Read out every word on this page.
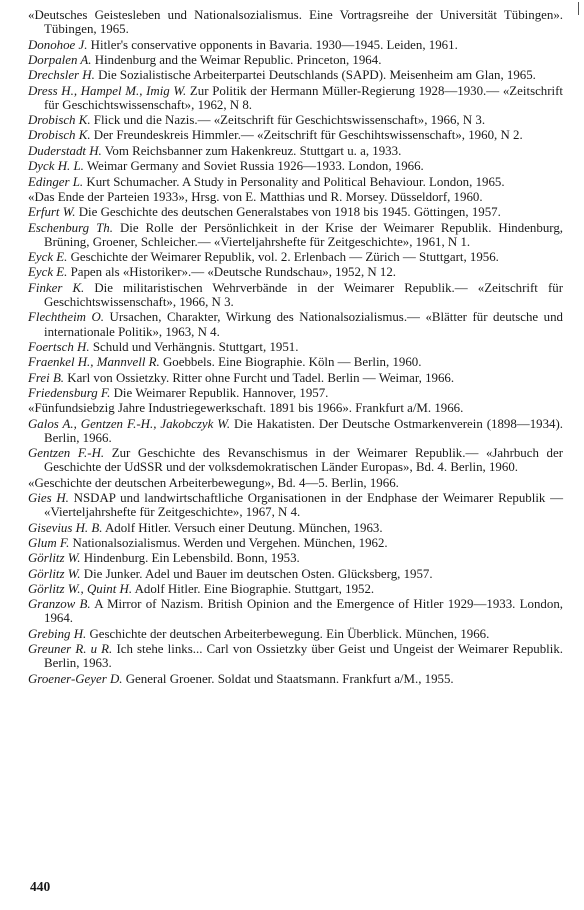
«Deutsches Geistesleben und Nationalsozialismus. Eine Vortragsreihe der Universität Tübingen». Tübingen, 1965.

Donohoe J. Hitler's conservative opponents in Bavaria. 1930—1945. Leiden, 1961.

Dorpalen A. Hindenburg and the Weimar Republic. Princeton, 1964.

Drechsler H. Die Sozialistische Arbeiterpartei Deutschlands (SAPD). Meisenheim am Glan, 1965.

Dress H., Hampel M., Imig W. Zur Politik der Hermann Müller-Regierung 1928—1930.— «Zeitschrift für Geschichtswissenschaft», 1962, N 8.

Drobisch K. Flick und die Nazis.— «Zeitschrift für Geschichtswissenschaft», 1966, N 3.

Drobisch K. Der Freundeskreis Himmler.— «Zeitschrift für Geschihtswissenschaft», 1960, N 2.

Duderstadt H. Vom Reichsbanner zum Hakenkreuz. Stuttgart u. a, 1933.

Dyck H. L. Weimar Germany and Soviet Russia 1926—1933. London, 1966.

Edinger L. Kurt Schumacher. A Study in Personality and Political Behaviour. London, 1965.

«Das Ende der Parteien 1933», Hrsg. von E. Matthias und R. Morsey. Düsseldorf, 1960.

Erfurt W. Die Geschichte des deutschen Generalstabes von 1918 bis 1945. Göttingen, 1957.

Eschenburg Th. Die Rolle der Persönlichkeit in der Krise der Weimarer Republik. Hindenburg, Brüning, Groener, Schleicher.— «Vierteljahrshefte für Zeitgeschichte», 1961, N 1.

Eyck E. Geschichte der Weimarer Republik, vol. 2. Erlenbach — Zürich — Stuttgart, 1956.

Eyck E. Papen als «Historiker».— «Deutsche Rundschau», 1952, N 12.

Finker K. Die militaristischen Wehrverbände in der Weimarer Republik.— «Zeitschrift für Geschichtswissenschaft», 1966, N 3.

Flechtheim O. Ursachen, Charakter, Wirkung des Nationalsozialismus.— «Blätter für deutsche und internationale Politik», 1963, N 4.

Foertsch H. Schuld und Verhängnis. Stuttgart, 1951.

Fraenkel H., Mannvell R. Goebbels. Eine Biographie. Köln — Berlin, 1960.

Frei B. Karl von Ossietzky. Ritter ohne Furcht und Tadel. Berlin — Weimar, 1966.

Friedensburg F. Die Weimarer Republik. Hannover, 1957.

«Fünfundsiebzig Jahre Industriegewerkschaft. 1891 bis 1966». Frankfurt a/M. 1966.

Galos A., Gentzen F.-H., Jakobczyk W. Die Hakatisten. Der Deutsche Ostmarkenverein (1898—1934). Berlin, 1966.

Gentzen F.-H. Zur Geschichte des Revanschismus in der Weimarer Republik.— «Jahrbuch der Geschichte der UdSSR und der volksdemokratischen Länder Europas», Bd. 4. Berlin, 1960.

«Geschichte der deutschen Arbeiterbewegung», Bd. 4—5. Berlin, 1966.

Gies H. NSDAP und landwirtschaftliche Organisationen in der Endphase der Weimarer Republik — «Vierteljahrshefte für Zeitgeschichte», 1967, N 4.

Gisevius H. B. Adolf Hitler. Versuch einer Deutung. München, 1963.

Glum F. Nationalsozialismus. Werden und Vergehen. München, 1962.

Görlitz W. Hindenburg. Ein Lebensbild. Bonn, 1953.

Görlitz W. Die Junker. Adel und Bauer im deutschen Osten. Glücksberg, 1957.

Görlitz W., Quint H. Adolf Hitler. Eine Biographie. Stuttgart, 1952.

Granzow B. A Mirror of Nazism. British Opinion and the Emergence of Hitler 1929—1933. London, 1964.

Grebing H. Geschichte der deutschen Arbeiterbewegung. Ein Überblick. München, 1966.

Greuner R. u R. Ich stehe links... Carl von Ossietzky über Geist und Ungeist der Weimarer Republik. Berlin, 1963.

Groener-Geyer D. General Groener. Soldat und Staatsmann. Frankfurt a/M., 1955.

440
